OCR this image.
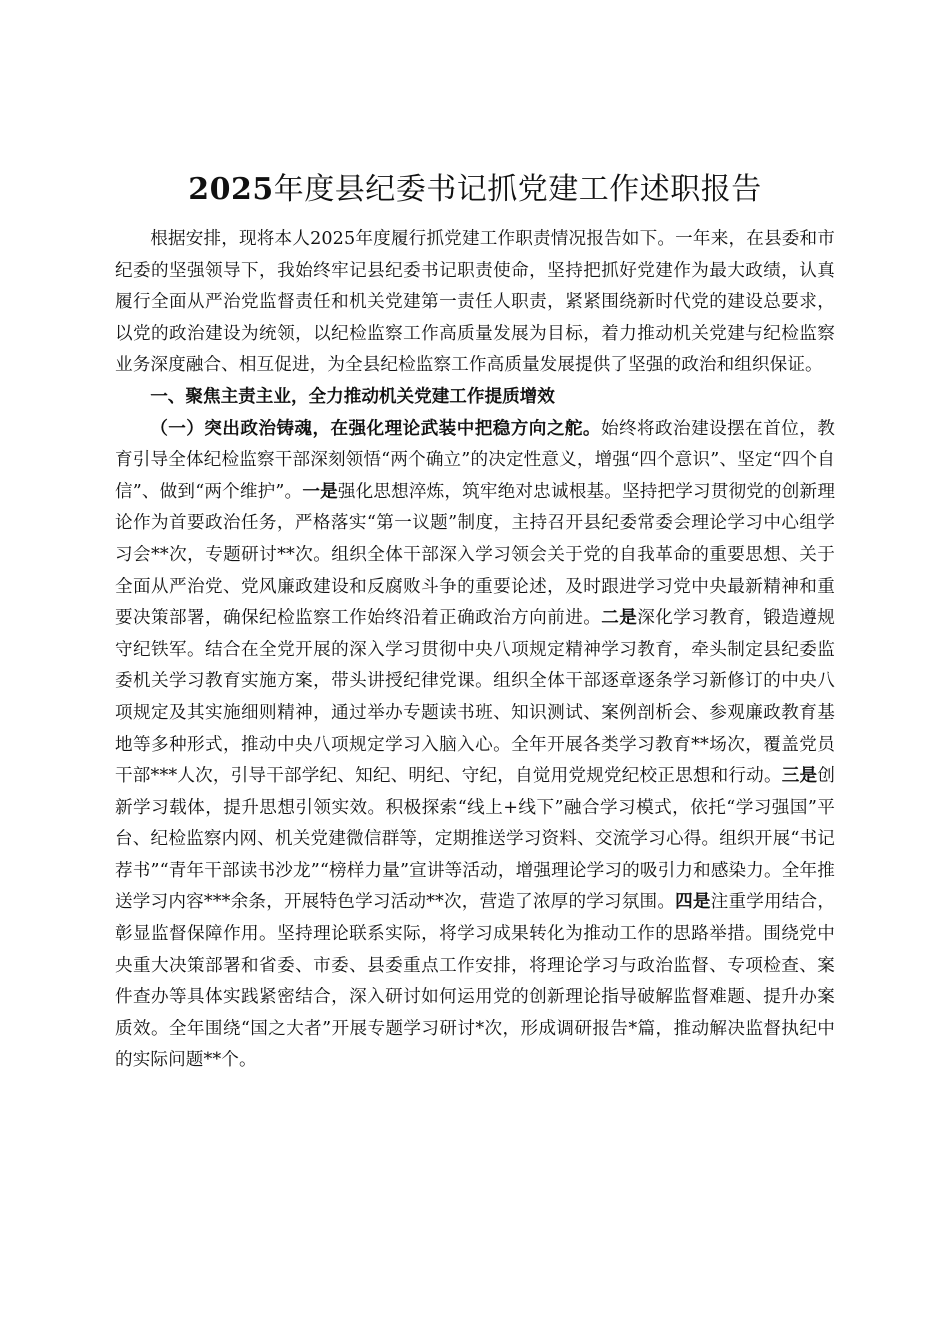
2025年度县纪委书记抓党建工作述职报告

根据安排，现将本人2025年度履行抓党建工作职责情况报告如下。一年来，在县委和市纪委的坚强领导下，我始终牢记县纪委书记职责使命，坚持把抓好党建作为最大政绩，认真履行全面从严治党监督责任和机关党建第一责任人职责，紧紧围绕新时代党的建设总要求，以党的政治建设为统领，以纪检监察工作高质量发展为目标，着力推动机关党建与纪检监察业务深度融合、相互促进，为全县纪检监察工作高质量发展提供了坚强的政治和组织保证。

一、聚焦主责主业，全力推动机关党建工作提质增效

（一）突出政治铸魂，在强化理论武装中把稳方向之舵。始终将政治建设摆在首位，教育引导全体纪检监察干部深刻领悟“两个确立”的决定性意义，增强“四个意识”、坚定“四个自信”、做到“两个维护”。一是强化思想淬炼，筑牢绝对忠诚根基。坚持把学习贯彻党的创新理论作为首要政治任务，严格落实“第一议题”制度，主持召开县纪委常委会理论学习中心组学习会**次，专题研讨**次。组织全体干部深入学习领会关于党的自我革命的重要思想、关于全面从严治党、党风廉政建设和反腐败斗争的重要论述，及时跟进学习党中央最新精神和重要决策部署，确保纪检监察工作始终沿着正确政治方向前进。二是深化学习教育，锻造遵规守纪铁军。结合在全党开展的深入学习贯彻中央八项规定精神学习教育，牵头制定县纪委监委机关学习教育实施方案，带头讲授纪律党课。组织全体干部逐章逐条学习新修订的中央八项规定及其实施细则精神，通过举办专题读书班、知识测试、案例剖析会、参观廉政教育基地等多种形式，推动中央八项规定学习入脑入心。全年开展各类学习教育**场次，覆盖党员干部***人次，引导干部学纪、知纪、明纪、守纪，自觉用党规党纪校正思想和行动。三是创新学习载体，提升思想引领实效。积极探索“线上+线下”融合学习模式，依托“学习强国”平台、纪检监察内网、机关党建微信群等，定期推送学习资料、交流学习心得。组织开展“书记荐书”“青年干部读书沙龙”“榜样力量”宣讲等活动，增强理论学习的吸引力和感染力。全年推送学习内容***余条，开展特色学习活动**次，营造了浓厚的学习氛围。四是注重学用结合，彰显监督保障作用。坚持理论联系实际，将学习成果转化为推动工作的思路举措。围绕党中央重大决策部署和省委、市委、县委重点工作安排，将理论学习与政治监督、专项检查、案件查办等具体实践紧密结合，深入研讨如何运用党的创新理论指导破解监督难题、提升办案质效。全年围绕“国之大者”开展专题学习研讨*次，形成调研报告*篇，推动解决监督执纪中的实际问题**个。
